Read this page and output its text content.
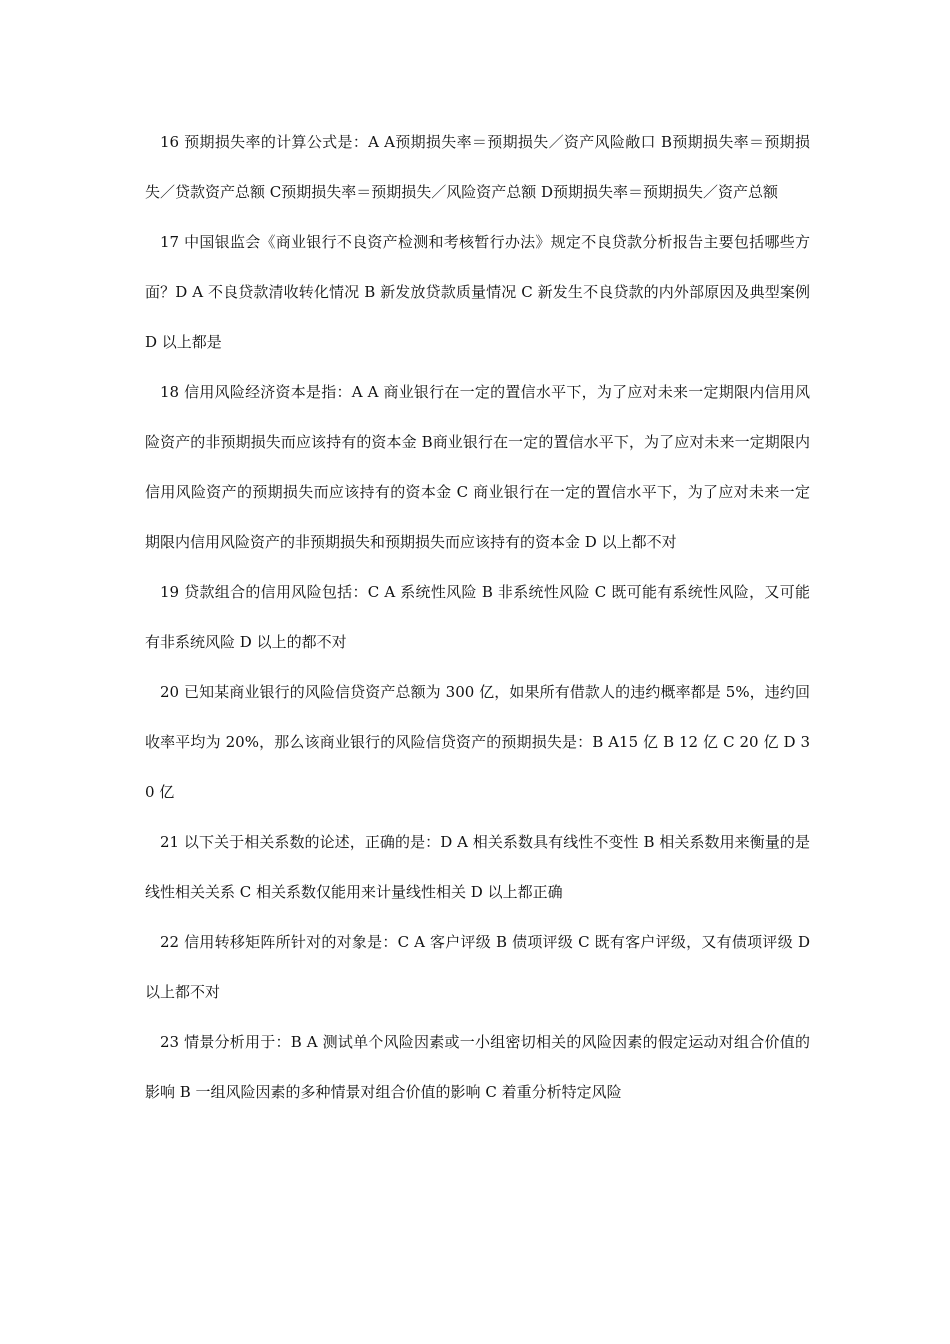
16 预期损失率的计算公式是：A A预期损失率＝预期损失／资产风险敞口 B预期损失率＝预期损失／贷款资产总额 C预期损失率＝预期损失／风险资产总额 D预期损失率＝预期损失／资产总额

17 中国银监会《商业银行不良资产检测和考核暂行办法》规定不良贷款分析报告主要包括哪些方面？D A 不良贷款清收转化情况 B 新发放贷款质量情况 C 新发生不良贷款的内外部原因及典型案例 D 以上都是

18 信用风险经济资本是指：A A 商业银行在一定的置信水平下，为了应对未来一定期限内信用风险资产的非预期损失而应该持有的资本金 B商业银行在一定的置信水平下，为了应对未来一定期限内信用风险资产的预期损失而应该持有的资本金 C 商业银行在一定的置信水平下，为了应对未来一定期限内信用风险资产的非预期损失和预期损失而应该持有的资本金 D 以上都不对

19 贷款组合的信用风险包括：C A 系统性风险 B 非系统性风险 C 既可能有系统性风险，又可能有非系统风险 D 以上的都不对

20 已知某商业银行的风险信贷资产总额为 300 亿，如果所有借款人的违约概率都是 5%，违约回收率平均为 20%，那么该商业银行的风险信贷资产的预期损失是：B A15 亿 B 12 亿 C 20 亿 D 30 亿

21 以下关于相关系数的论述，正确的是：D A 相关系数具有线性不变性 B 相关系数用来衡量的是线性相关关系 C 相关系数仅能用来计量线性相关 D 以上都正确

22 信用转移矩阵所针对的对象是：C A 客户评级 B 债项评级 C 既有客户评级，又有债项评级 D 以上都不对

23 情景分析用于：B A 测试单个风险因素或一小组密切相关的风险因素的假定运动对组合价值的影响 B 一组风险因素的多种情景对组合价值的影响 C 着重分析特定风险
